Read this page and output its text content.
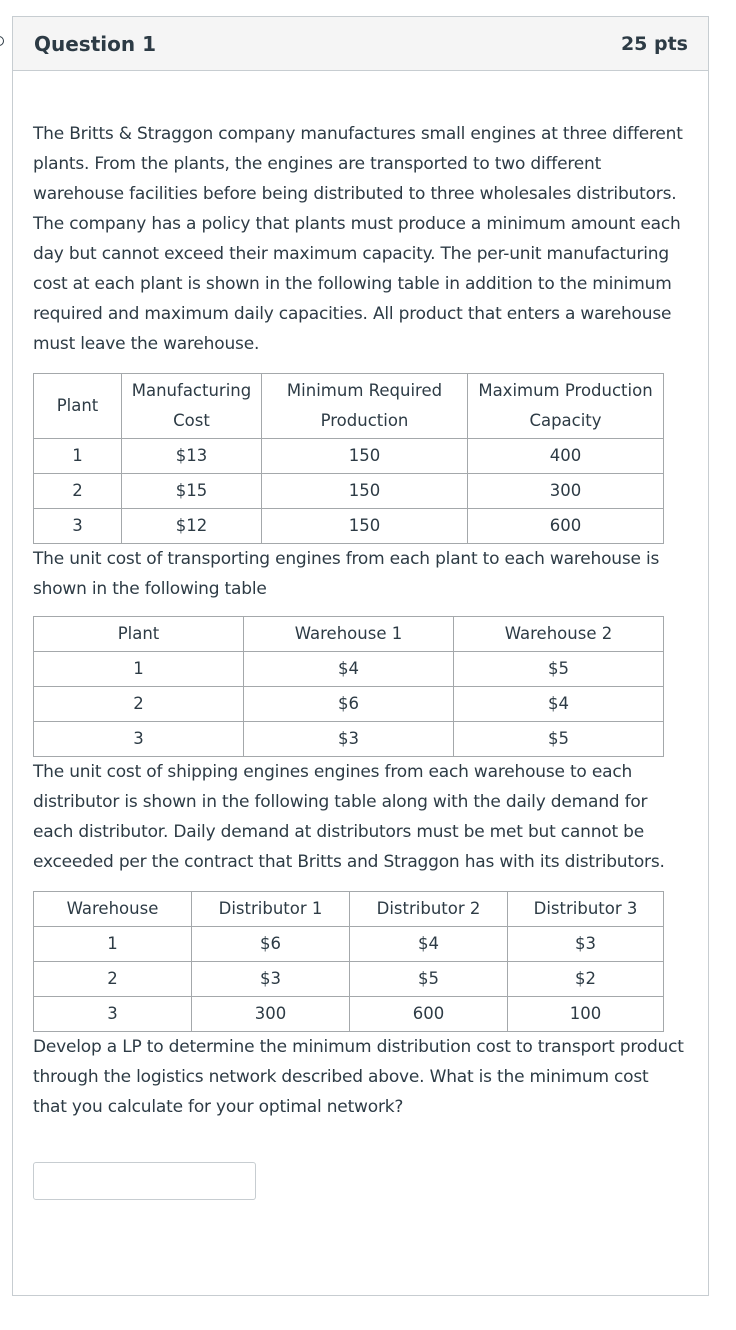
Question 1	25 pts

The Britts & Straggon company manufactures small engines at three different plants. From the plants, the engines are transported to two different warehouse facilities before being distributed to three wholesales distributors. The company has a policy that plants must produce a minimum amount each day but cannot exceed their maximum capacity. The per-unit manufacturing cost at each plant is shown in the following table in addition to the minimum required and maximum daily capacities. All product that enters a warehouse must leave the warehouse.

Plant	Manufacturing Cost	Minimum Required Production	Maximum Production Capacity
1	$13	150	400
2	$15	150	300
3	$12	150	600

The unit cost of transporting engines from each plant to each warehouse is shown in the following table

Plant	Warehouse 1	Warehouse 2
1	$4	$5
2	$6	$4
3	$3	$5

The unit cost of shipping engines engines from each warehouse to each distributor is shown in the following table along with the daily demand for each distributor. Daily demand at distributors must be met but cannot be exceeded per the contract that Britts and Straggon has with its distributors.

Warehouse	Distributor 1	Distributor 2	Distributor 3
1	$6	$4	$3
2	$3	$5	$2
3	300	600	100

Develop a LP to determine the minimum distribution cost to transport product through the logistics network described above. What is the minimum cost that you calculate for your optimal network?
